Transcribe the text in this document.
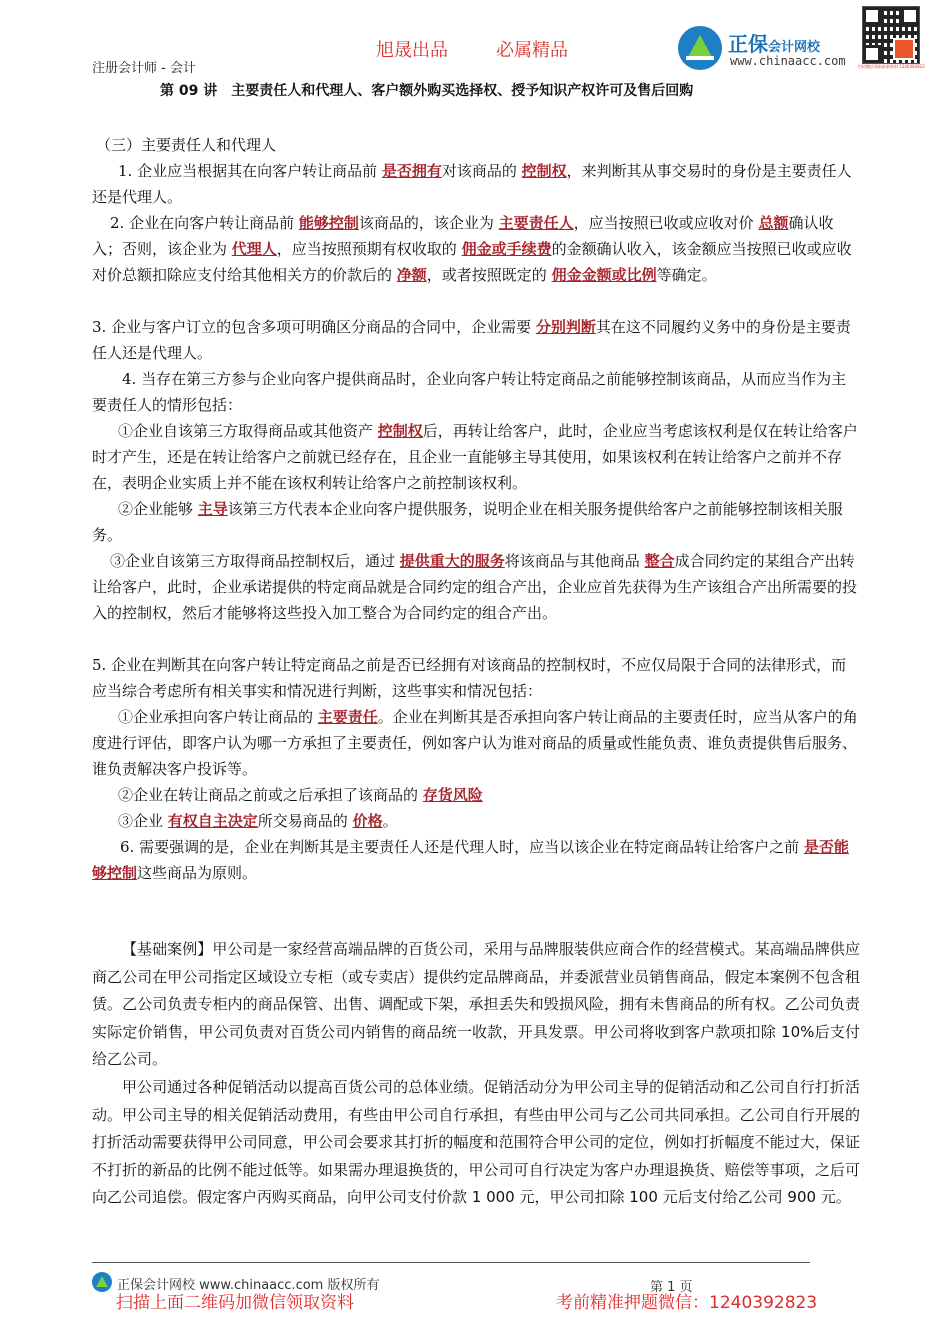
旭晟出品	必属精品
注册会计师 - 会计
正保会计网校
www.chinaacc.com	扫码微信领取最新资料 1240392823
第 09 讲　主要责任人和代理人、客户额外购买选择权、授予知识产权许可及售后回购

（三）主要责任人和代理人

1. 企业应当根据其在向客户转让商品前 是否拥有对该商品的 控制权，来判断其从事交易时的身份是主要责任人还是代理人。

2. 企业在向客户转让商品前 能够控制该商品的，该企业为 主要责任人，应当按照已收或应收对价 总额确认收入；否则，该企业为 代理人，应当按照预期有权收取的 佣金或手续费的金额确认收入，该金额应当按照已收或应收对价总额扣除应支付给其他相关方的价款后的 净额，或者按照既定的 佣金金额或比例等确定。

3. 企业与客户订立的包含多项可明确区分商品的合同中，企业需要 分别判断其在这不同履约义务中的身份是主要责任人还是代理人。

4. 当存在第三方参与企业向客户提供商品时，企业向客户转让特定商品之前能够控制该商品，从而应当作为主要责任人的情形包括：

①企业自该第三方取得商品或其他资产 控制权后，再转让给客户，此时，企业应当考虑该权利是仅在转让给客户时才产生，还是在转让给客户之前就已经存在，且企业一直能够主导其使用，如果该权利在转让给客户之前并不存在，表明企业实质上并不能在该权利转让给客户之前控制该权利。

②企业能够 主导该第三方代表本企业向客户提供服务，说明企业在相关服务提供给客户之前能够控制该相关服务。

③企业自该第三方取得商品控制权后，通过 提供重大的服务将该商品与其他商品 整合成合同约定的某组合产出转让给客户，此时，企业承诺提供的特定商品就是合同约定的组合产出，企业应首先获得为生产该组合产出所需要的投入的控制权，然后才能够将这些投入加工整合为合同约定的组合产出。

5. 企业在判断其在向客户转让特定商品之前是否已经拥有对该商品的控制权时，不应仅局限于合同的法律形式，而应当综合考虑所有相关事实和情况进行判断，这些事实和情况包括：

①企业承担向客户转让商品的 主要责任。企业在判断其是否承担向客户转让商品的主要责任时，应当从客户的角度进行评估，即客户认为哪一方承担了主要责任，例如客户认为谁对商品的质量或性能负责、谁负责提供售后服务、谁负责解决客户投诉等。

②企业在转让商品之前或之后承担了该商品的 存货风险

③企业 有权自主决定所交易商品的 价格。

6. 需要强调的是，企业在判断其是主要责任人还是代理人时，应当以该企业在特定商品转让给客户之前 是否能够控制这些商品为原则。

【基础案例】甲公司是一家经营高端品牌的百货公司，采用与品牌服装供应商合作的经营模式。某高端品牌供应商乙公司在甲公司指定区域设立专柜（或专卖店）提供约定品牌商品，并委派营业员销售商品，假定本案例不包含租赁。乙公司负责专柜内的商品保管、出售、调配或下架，承担丢失和毁损风险，拥有未售商品的所有权。乙公司负责实际定价销售，甲公司负责对百货公司内销售的商品统一收款，开具发票。甲公司将收到客户款项扣除 10%后支付给乙公司。

甲公司通过各种促销活动以提高百货公司的总体业绩。促销活动分为甲公司主导的促销活动和乙公司自行打折活动。甲公司主导的相关促销活动费用，有些由甲公司自行承担，有些由甲公司与乙公司共同承担。乙公司自行开展的打折活动需要获得甲公司同意，甲公司会要求其打折的幅度和范围符合甲公司的定位，例如打折幅度不能过大，保证不打折的新品的比例不能过低等。如果需办理退换货的，甲公司可自行决定为客户办理退换货、赔偿等事项，之后可向乙公司追偿。假定客户丙购买商品，向甲公司支付价款 1 000 元，甲公司扣除 100 元后支付给乙公司 900 元。

正保会计网校 www.chinaacc.com 版权所有	第 1 页
扫描上面二维码加微信领取资料	考前精准押题微信：1240392823
